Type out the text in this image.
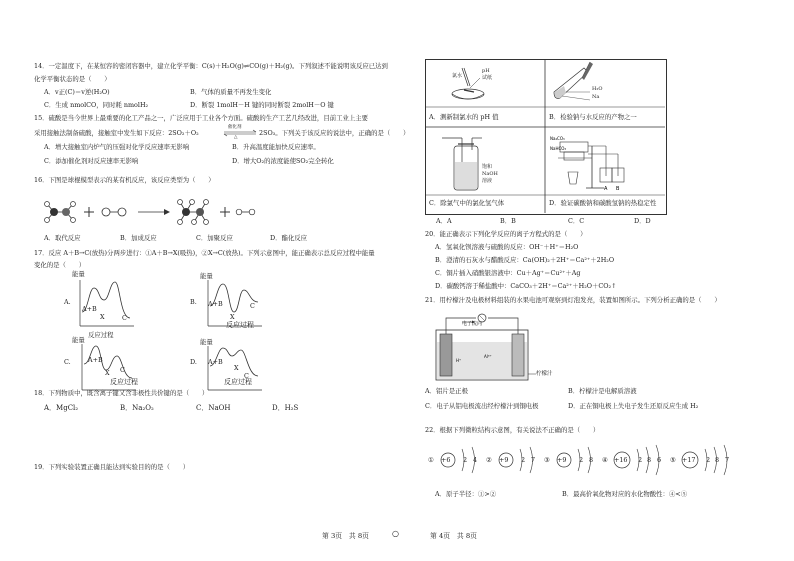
14．一定温度下，在某恒容的密闭容器中，建立化学平衡：C(s)＋H₂O(g)⇌CO(g)＋H₂(g)。下列叙述不能说明该反应已达到
化学平衡状态的是（　　）
A．v正(C)＝v逆(H₂O)	B．气体的质量不再发生变化
C．生成 nmolCO，同时耗 nmolH₂	D．断裂 1molH－H 键的同时断裂 2molH－O 键
15．硫酸是当今世界上最重要的化工产品之一，广泛应用于工业各个方面。硫酸的生产工艺几经改进，目前工业上主要
采用接触法制备硫酸，接触室中发生如下反应：2SO₂＋O₂
催化剂
△
2SO₃。下列关于该反应的说法中，正确的是（　　）
A．增大接触室内炉气的压强对化学反应速率无影响	B．升高温度能加快反应速率。
C．添加催化剂对反应速率无影响	D．增大O₂的浓度能使SO₂完全转化
16．下图是球棍模型表示的某有机反应，该反应类型为（　　）
A．取代反应	B．加成反应	C．加聚反应	D．酯化反应
17．反应 A＋B→C(放热)分两步进行：①A＋B→X(吸热)，②X→C(放热)。下列示意图中，能正确表示总反应过程中能量
变化的是（　　）
A.
能量
A+B
X	C
反应过程
B.
能量
A+B
X
C
反应过程
C.
能量
A+B
X C
反应过程
D.
能量
A+B
X
C
反应过程
18．下列物质中，既含离子键又含非极性共价键的是（　　）
A．MgCl₂	B．Na₂O₂	C．NaOH	D．H₂S
19．下列实验装置正确且能达到实验目的的是（　　）
氯水
pH
试纸
H₂O
Na
A．测新制氯水的 pH 值	B．检验钠与水反应的产物之一
饱和
NaOH
溶液
A B
Na₂CO₃
NaHCO₃
C．除氯气中的氯化氢气体	D．验证碳酸钠和碳酸氢钠的热稳定性
A．A	B．B	C．C	D．D
20．能正确表示下列化学反应的离子方程式的是（　　）
A．氢氧化钡溶液与硫酸的反应：OH⁻＋H⁺＝H₂O
B．澄清的石灰水与醋酸反应：Ca(OH)₂＋2H⁺＝Ca²⁺＋2H₂O
C．铜片插入硝酸银溶液中：Cu＋Ag⁺＝Cu²⁺＋Ag
D．碳酸钙溶于稀盐酸中：CaCO₃＋2H⁺＝Ca²⁺＋H₂O＋CO₂↑
21．用柠檬汁及电极材料组装的水果电池可观察到灯泡发亮，装置如图所示。下列分析正确的是（　　）
H⁺
Al³⁺
电子流向
柠檬汁
A．铝片是正极	B．柠檬汁是电解质溶液
C．电子从铝电极流出经柠檬汁到铜电极	D．正在铜电极上失电子发生还原反应生成 H₂
22．根据下列微粒结构示意图，有关说法不正确的是（　　）
① +6 2 4 ② +9 2 7 ③ +9 2 8 ④ +16 2 8 6 ⑤ +17 2 8 7
A．原子半径：①>②	B．最高价氧化物对应的水化物酸性：④<⑤
第 3页　共 8页	○	第 4页　共 8页
